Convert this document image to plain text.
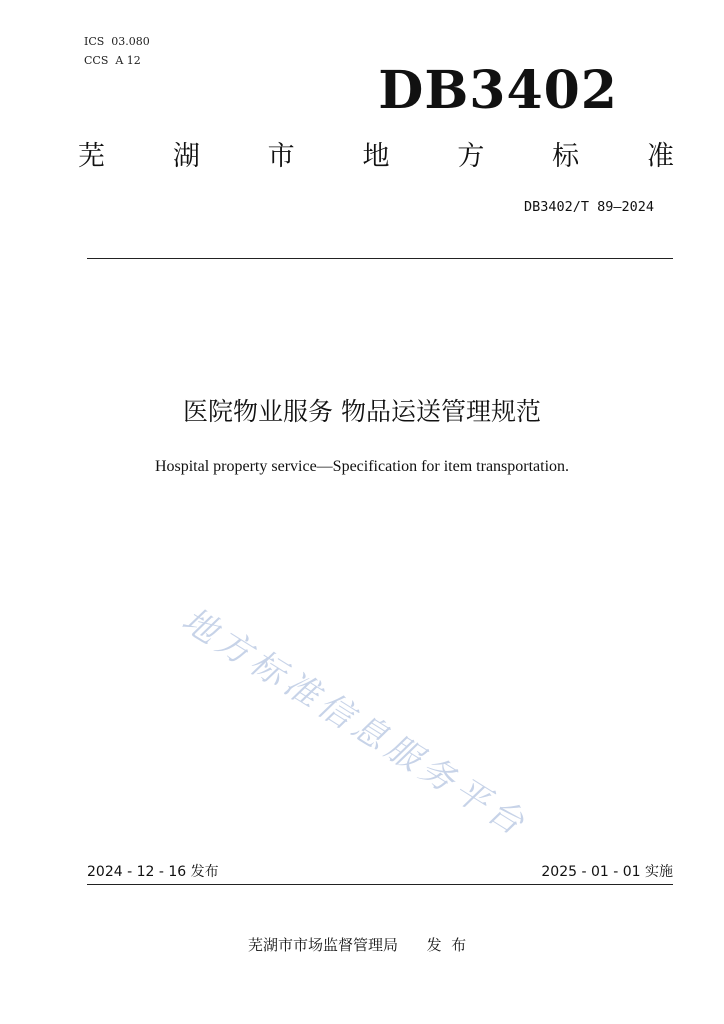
ICS  03.080
CCS  A 12	DB3402
芜	湖	市	地	方	标	准
DB3402/T 89—2024
医院物业服务 物品运送管理规范
Hospital property service—Specification for item transportation.
地方标准信息服务平台
2024 - 12 - 16 发布	2025 - 01 - 01 实施
芜湖市市场监督管理局      发  布
